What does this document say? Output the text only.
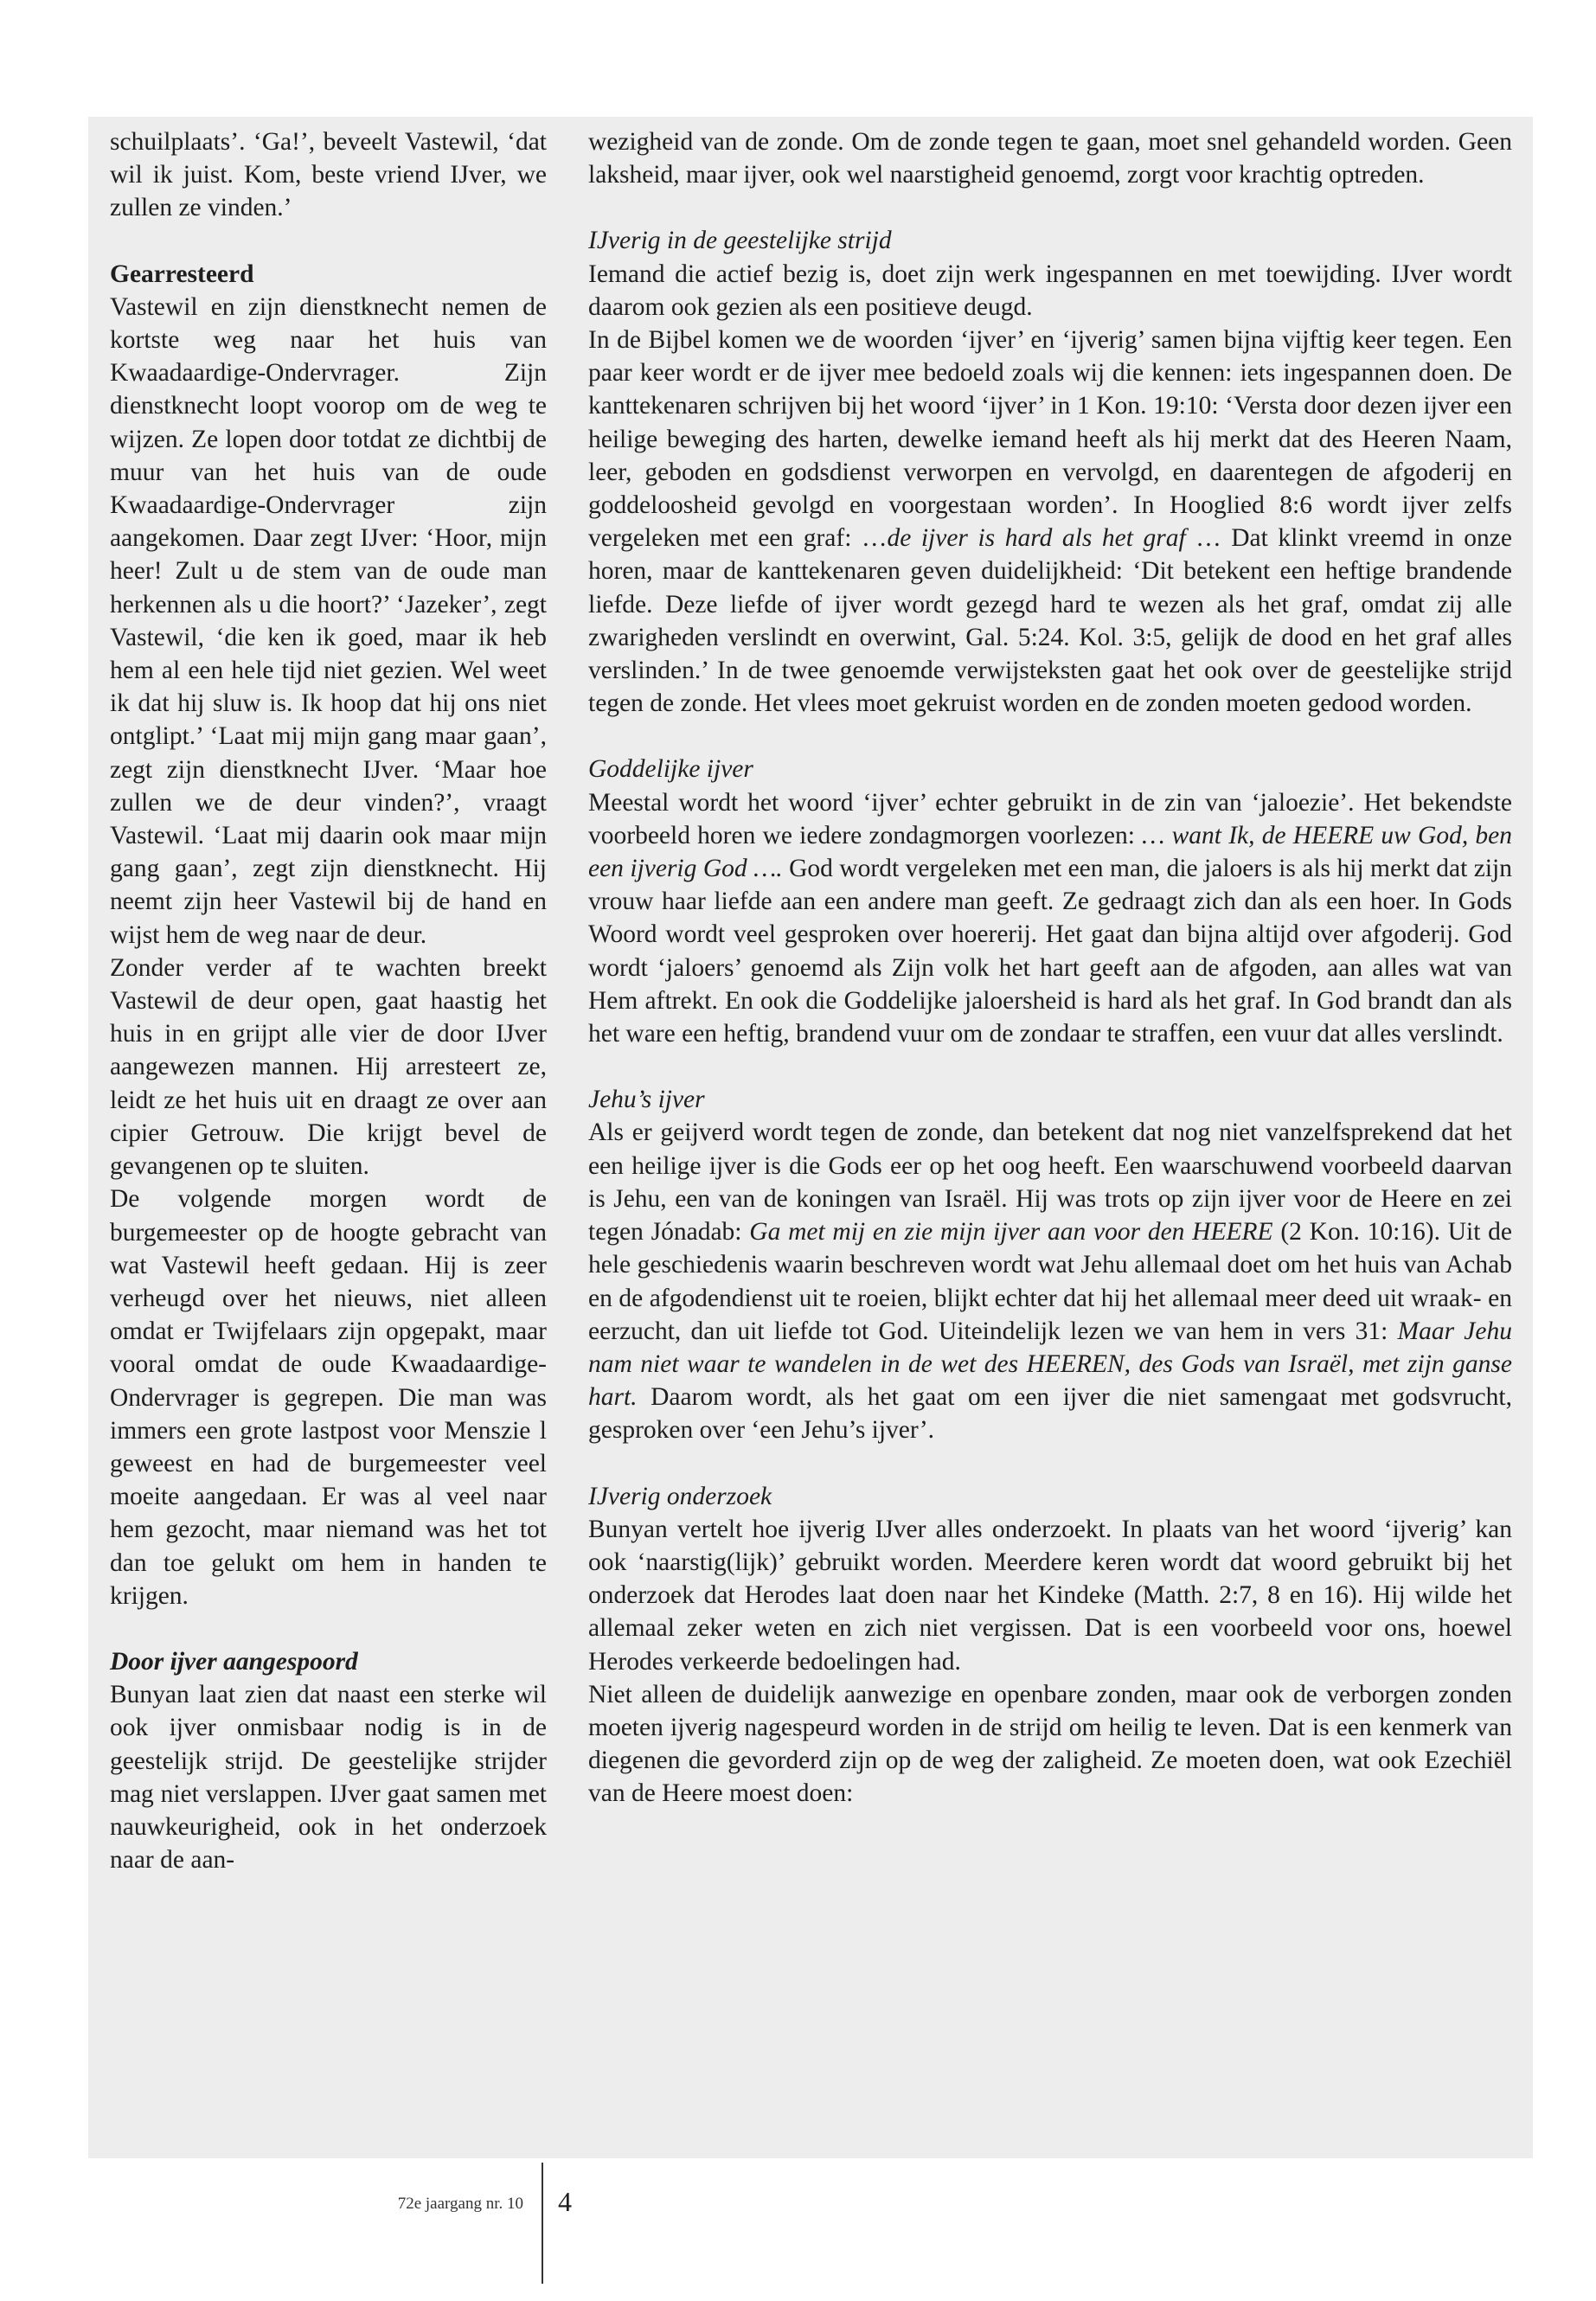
schuilplaats’. ‘Ga!’, beveelt Vastewil, ‘dat wil ik juist. Kom, beste vriend IJver, we zullen ze vinden.’

Gearresteerd

Vastewil en zijn dienstknecht nemen de kortste weg naar het huis van Kwaadaardige-Ondervrager. Zijn dienstknecht loopt voorop om de weg te wijzen. Ze lopen door totdat ze dichtbij de muur van het huis van de oude Kwaadaardige-Ondervrager zijn aangekomen. Daar zegt IJver: ‘Hoor, mijn heer! Zult u de stem van de oude man herkennen als u die hoort?’ ‘Jazeker’, zegt Vastewil, ‘die ken ik goed, maar ik heb hem al een hele tijd niet gezien. Wel weet ik dat hij sluw is. Ik hoop dat hij ons niet ontglipt.’ ‘Laat mij mijn gang maar gaan’, zegt zijn dienstknecht IJver. ‘Maar hoe zullen we de deur vinden?’, vraagt Vastewil. ‘Laat mij daarin ook maar mijn gang gaan’, zegt zijn dienstknecht. Hij neemt zijn heer Vastewil bij de hand en wijst hem de weg naar de deur.

Zonder verder af te wachten breekt Vastewil de deur open, gaat haastig het huis in en grijpt alle vier de door IJver aangewezen mannen. Hij arresteert ze, leidt ze het huis uit en draagt ze over aan cipier Getrouw. Die krijgt bevel de gevangenen op te sluiten.

De volgende morgen wordt de burgemeester op de hoogte gebracht van wat Vastewil heeft gedaan. Hij is zeer verheugd over het nieuws, niet alleen omdat er Twijfelaars zijn opgepakt, maar vooral omdat de oude Kwaadaardige-Ondervrager is gegrepen. Die man was immers een grote lastpost voor Menszie l geweest en had de burgemeester veel moeite aangedaan. Er was al veel naar hem gezocht, maar niemand was het tot dan toe gelukt om hem in handen te krijgen.

Door ijver aangespoord

Bunyan laat zien dat naast een sterke wil ook ijver onmisbaar nodig is in de geestelijk strijd. De geestelijke strijder mag niet verslappen. IJver gaat samen met nauwkeurigheid, ook in het onderzoek naar de aan-

wezigheid van de zonde. Om de zonde tegen te gaan, moet snel gehandeld worden. Geen laksheid, maar ijver, ook wel naarstigheid genoemd, zorgt voor krachtig optreden.

IJverig in de geestelijke strijd

Iemand die actief bezig is, doet zijn werk ingespannen en met toewijding. IJver wordt daarom ook gezien als een positieve deugd.

In de Bijbel komen we de woorden ‘ijver’ en ‘ijverig’ samen bijna vijftig keer tegen. Een paar keer wordt er de ijver mee bedoeld zoals wij die kennen: iets ingespannen doen. De kanttekenaren schrijven bij het woord ‘ijver’ in 1 Kon. 19:10: ‘Versta door dezen ijver een heilige beweging des harten, dewelke iemand heeft als hij merkt dat des Heeren Naam, leer, geboden en godsdienst verworpen en vervolgd, en daarentegen de afgoderij en goddeloosheid gevolgd en voorgestaan worden’. In Hooglied 8:6 wordt ijver zelfs vergeleken met een graf: …de ijver is hard als het graf … Dat klinkt vreemd in onze horen, maar de kanttekenaren geven duidelijkheid: ‘Dit betekent een heftige brandende liefde. Deze liefde of ijver wordt gezegd hard te wezen als het graf, omdat zij alle zwarigheden verslindt en overwint, Gal. 5:24. Kol. 3:5, gelijk de dood en het graf alles verslinden.’ In de twee genoemde verwijsteksten gaat het ook over de geestelijke strijd tegen de zonde. Het vlees moet gekruist worden en de zonden moeten gedood worden.

Goddelijke ijver

Meestal wordt het woord ‘ijver’ echter gebruikt in de zin van ‘jaloezie’. Het bekendste voorbeeld horen we iedere zondagmorgen voorlezen: … want Ik, de HEERE uw God, ben een ijverig God …. God wordt vergeleken met een man, die jaloers is als hij merkt dat zijn vrouw haar liefde aan een andere man geeft. Ze gedraagt zich dan als een hoer. In Gods Woord wordt veel gesproken over hoererij. Het gaat dan bijna altijd over afgoderij. God wordt ‘jaloers’ genoemd als Zijn volk het hart geeft aan de afgoden, aan alles wat van Hem aftrekt. En ook die Goddelijke jaloersheid is hard als het graf. In God brandt dan als het ware een heftig, brandend vuur om de zondaar te straffen, een vuur dat alles verslindt.

Jehu’s ijver

Als er geijverd wordt tegen de zonde, dan betekent dat nog niet vanzelfsprekend dat het een heilige ijver is die Gods eer op het oog heeft. Een waarschuwend voorbeeld daarvan is Jehu, een van de koningen van Israël. Hij was trots op zijn ijver voor de Heere en zei tegen Jónadab: Ga met mij en zie mijn ijver aan voor den HEERE (2 Kon. 10:16). Uit de hele geschiedenis waarin beschreven wordt wat Jehu allemaal doet om het huis van Achab en de afgodendienst uit te roeien, blijkt echter dat hij het allemaal meer deed uit wraak- en eerzucht, dan uit liefde tot God. Uiteindelijk lezen we van hem in vers 31: Maar Jehu nam niet waar te wandelen in de wet des HEEREN, des Gods van Israël, met zijn ganse hart. Daarom wordt, als het gaat om een ijver die niet samengaat met godsvrucht, gesproken over ‘een Jehu’s ijver’.

IJverig onderzoek

Bunyan vertelt hoe ijverig IJver alles onderzoekt. In plaats van het woord ‘ijverig’ kan ook ‘naarstig(lijk)’ gebruikt worden. Meerdere keren wordt dat woord gebruikt bij het onderzoek dat Herodes laat doen naar het Kindeke (Matth. 2:7, 8 en 16). Hij wilde het allemaal zeker weten en zich niet vergissen. Dat is een voorbeeld voor ons, hoewel Herodes verkeerde bedoelingen had.

Niet alleen de duidelijk aanwezige en openbare zonden, maar ook de verborgen zonden moeten ijverig nagespeurd worden in de strijd om heilig te leven. Dat is een kenmerk van diegenen die gevorderd zijn op de weg der zaligheid. Ze moeten doen, wat ook Ezechiël van de Heere moest doen:

72e jaargang nr. 10 4
